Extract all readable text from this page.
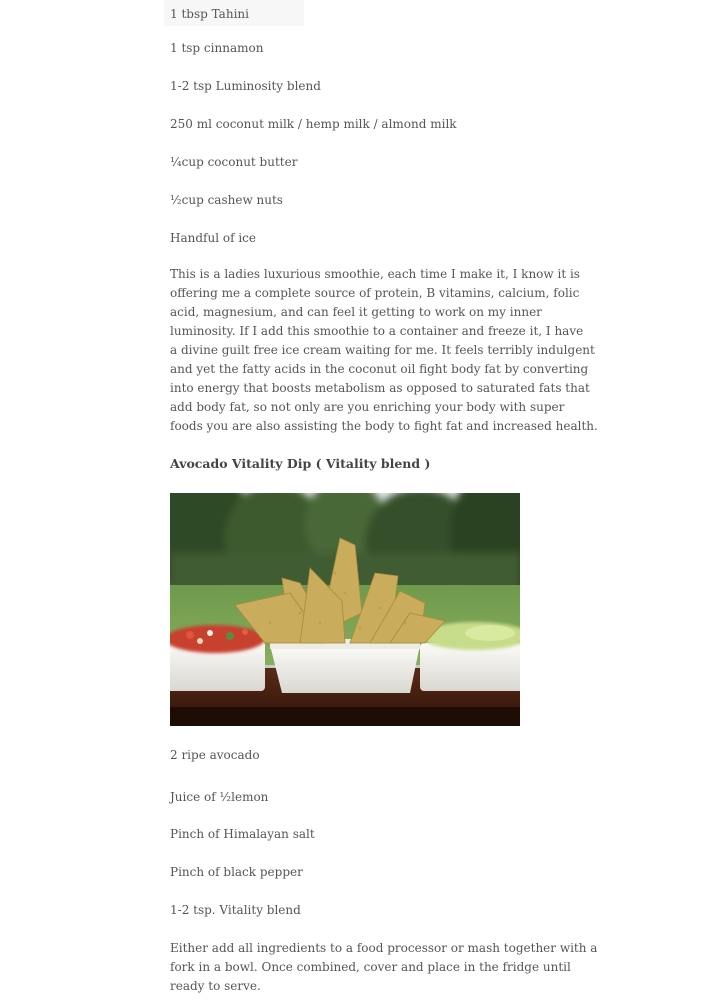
1 tbsp Tahini

1 tsp cinnamon

1-2 tsp Luminosity blend

250 ml coconut milk / hemp milk / almond milk

¼cup coconut butter

½cup cashew nuts

Handful of ice

This is a ladies luxurious smoothie, each time I make it, I know it is

offering me a complete source of protein, B vitamins, calcium, folic

acid, magnesium, and can feel it getting to work on my inner

luminosity. If I add this smoothie to a container and freeze it, I have

a divine guilt free ice cream waiting for me. It feels terribly indulgent

and yet the fatty acids in the coconut oil fight body fat by converting

into energy that boosts metabolism as opposed to saturated fats that

add body fat, so not only are you enriching your body with super

foods you are also assisting the body to fight fat and increased health.

Avocado Vitality Dip ( Vitality blend )

2 ripe avocado

Juice of ½lemon

Pinch of Himalayan salt

Pinch of black pepper

1-2 tsp. Vitality blend

Either add all ingredients to a food processor or mash together with a

fork in a bowl. Once combined, cover and place in the fridge until

ready to serve.
